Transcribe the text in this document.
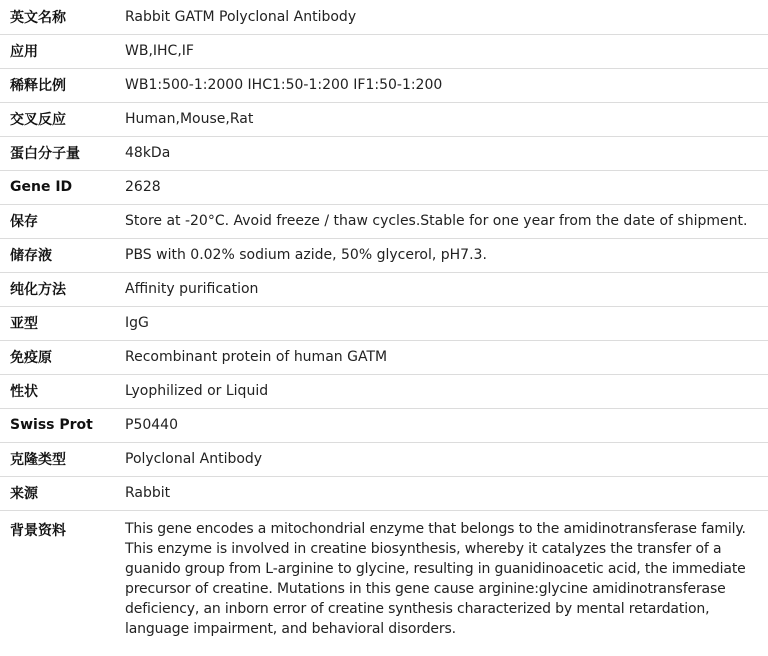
英文名称	Rabbit GATM Polyclonal Antibody
应用	WB,IHC,IF
稀释比例	WB1:500-1:2000 IHC1:50-1:200 IF1:50-1:200
交叉反应	Human,Mouse,Rat
蛋白分子量	48kDa
Gene ID	2628
保存	Store at -20°C. Avoid freeze / thaw cycles.Stable for one year from the date of shipment.
储存液	PBS with 0.02% sodium azide, 50% glycerol, pH7.3.
纯化方法	Affinity purification
亚型	IgG
免疫原	Recombinant protein of human GATM
性状	Lyophilized or Liquid
Swiss Prot	P50440
克隆类型	Polyclonal Antibody
来源	Rabbit
背景资料	This gene encodes a mitochondrial enzyme that belongs to the amidinotransferase family. This enzyme is involved in creatine biosynthesis, whereby it catalyzes the transfer of a guanido group from L-arginine to glycine, resulting in guanidinoacetic acid, the immediate precursor of creatine. Mutations in this gene cause arginine:glycine amidinotransferase deficiency, an inborn error of creatine synthesis characterized by mental retardation, language impairment, and behavioral disorders.
